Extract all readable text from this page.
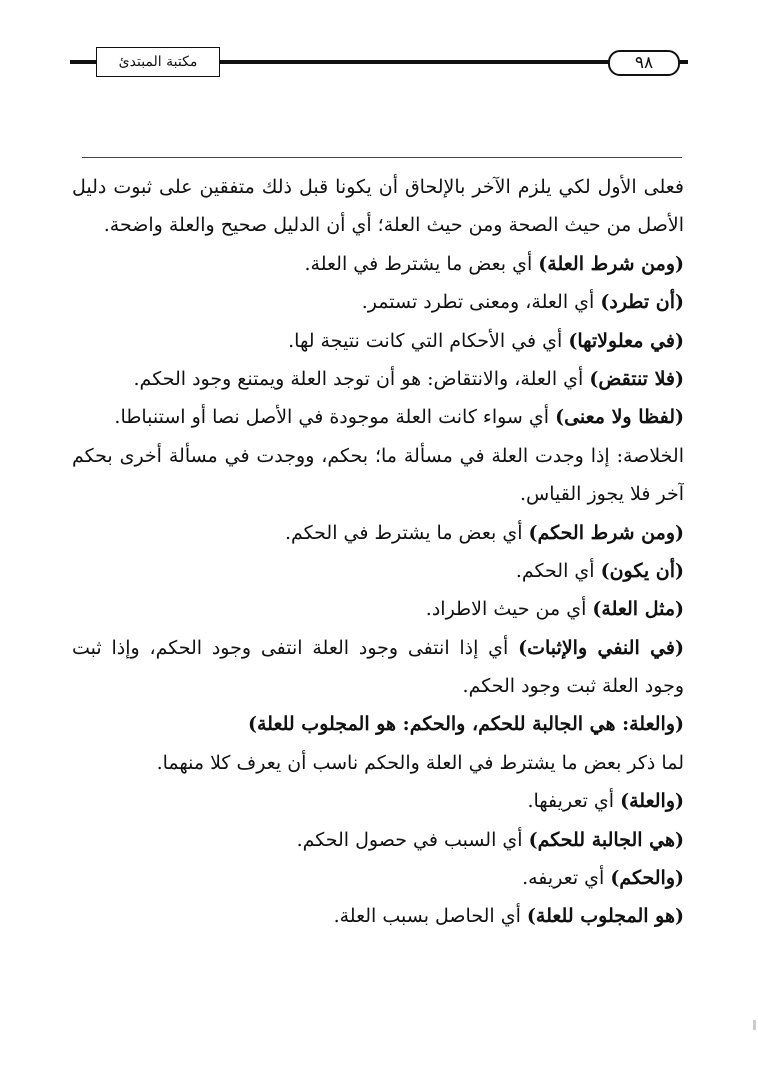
مكتبة المبتدئ	٩٨
فعلى الأول لكي يلزم الآخر بالإلحاق أن يكونا قبل ذلك متفقين على ثبوت دليل
الأصل من حيث الصحة ومن حيث العلة؛ أي أن الدليل صحيح والعلة واضحة.
(ومن شرط العلة) أي بعض ما يشترط في العلة.
(أن تطرد) أي العلة، ومعنى تطرد تستمر.
(في معلولاتها) أي في الأحكام التي كانت نتيجة لها.
(فلا تنتقض) أي العلة، والانتقاض: هو أن توجد العلة ويمتنع وجود الحكم.
(لفظا ولا معنى) أي سواء كانت العلة موجودة في الأصل نصا أو استنباطا.
الخلاصة: إذا وجدت العلة في مسألة ما؛ بحكم، ووجدت في مسألة أخرى بحكم
آخر فلا يجوز القياس.
(ومن شرط الحكم) أي بعض ما يشترط في الحكم.
(أن يكون) أي الحكم.
(مثل العلة) أي من حيث الاطراد.
(في النفي والإثبات) أي إذا انتفى وجود العلة انتفى وجود الحكم، وإذا ثبت
وجود العلة ثبت وجود الحكم.
(والعلة: هي الجالبة للحكم، والحكم: هو المجلوب للعلة)
لما ذكر بعض ما يشترط في العلة والحكم ناسب أن يعرف كلا منهما.
(والعلة) أي تعريفها.
(هي الجالبة للحكم) أي السبب في حصول الحكم.
(والحكم) أي تعريفه.
(هو المجلوب للعلة) أي الحاصل بسبب العلة.
